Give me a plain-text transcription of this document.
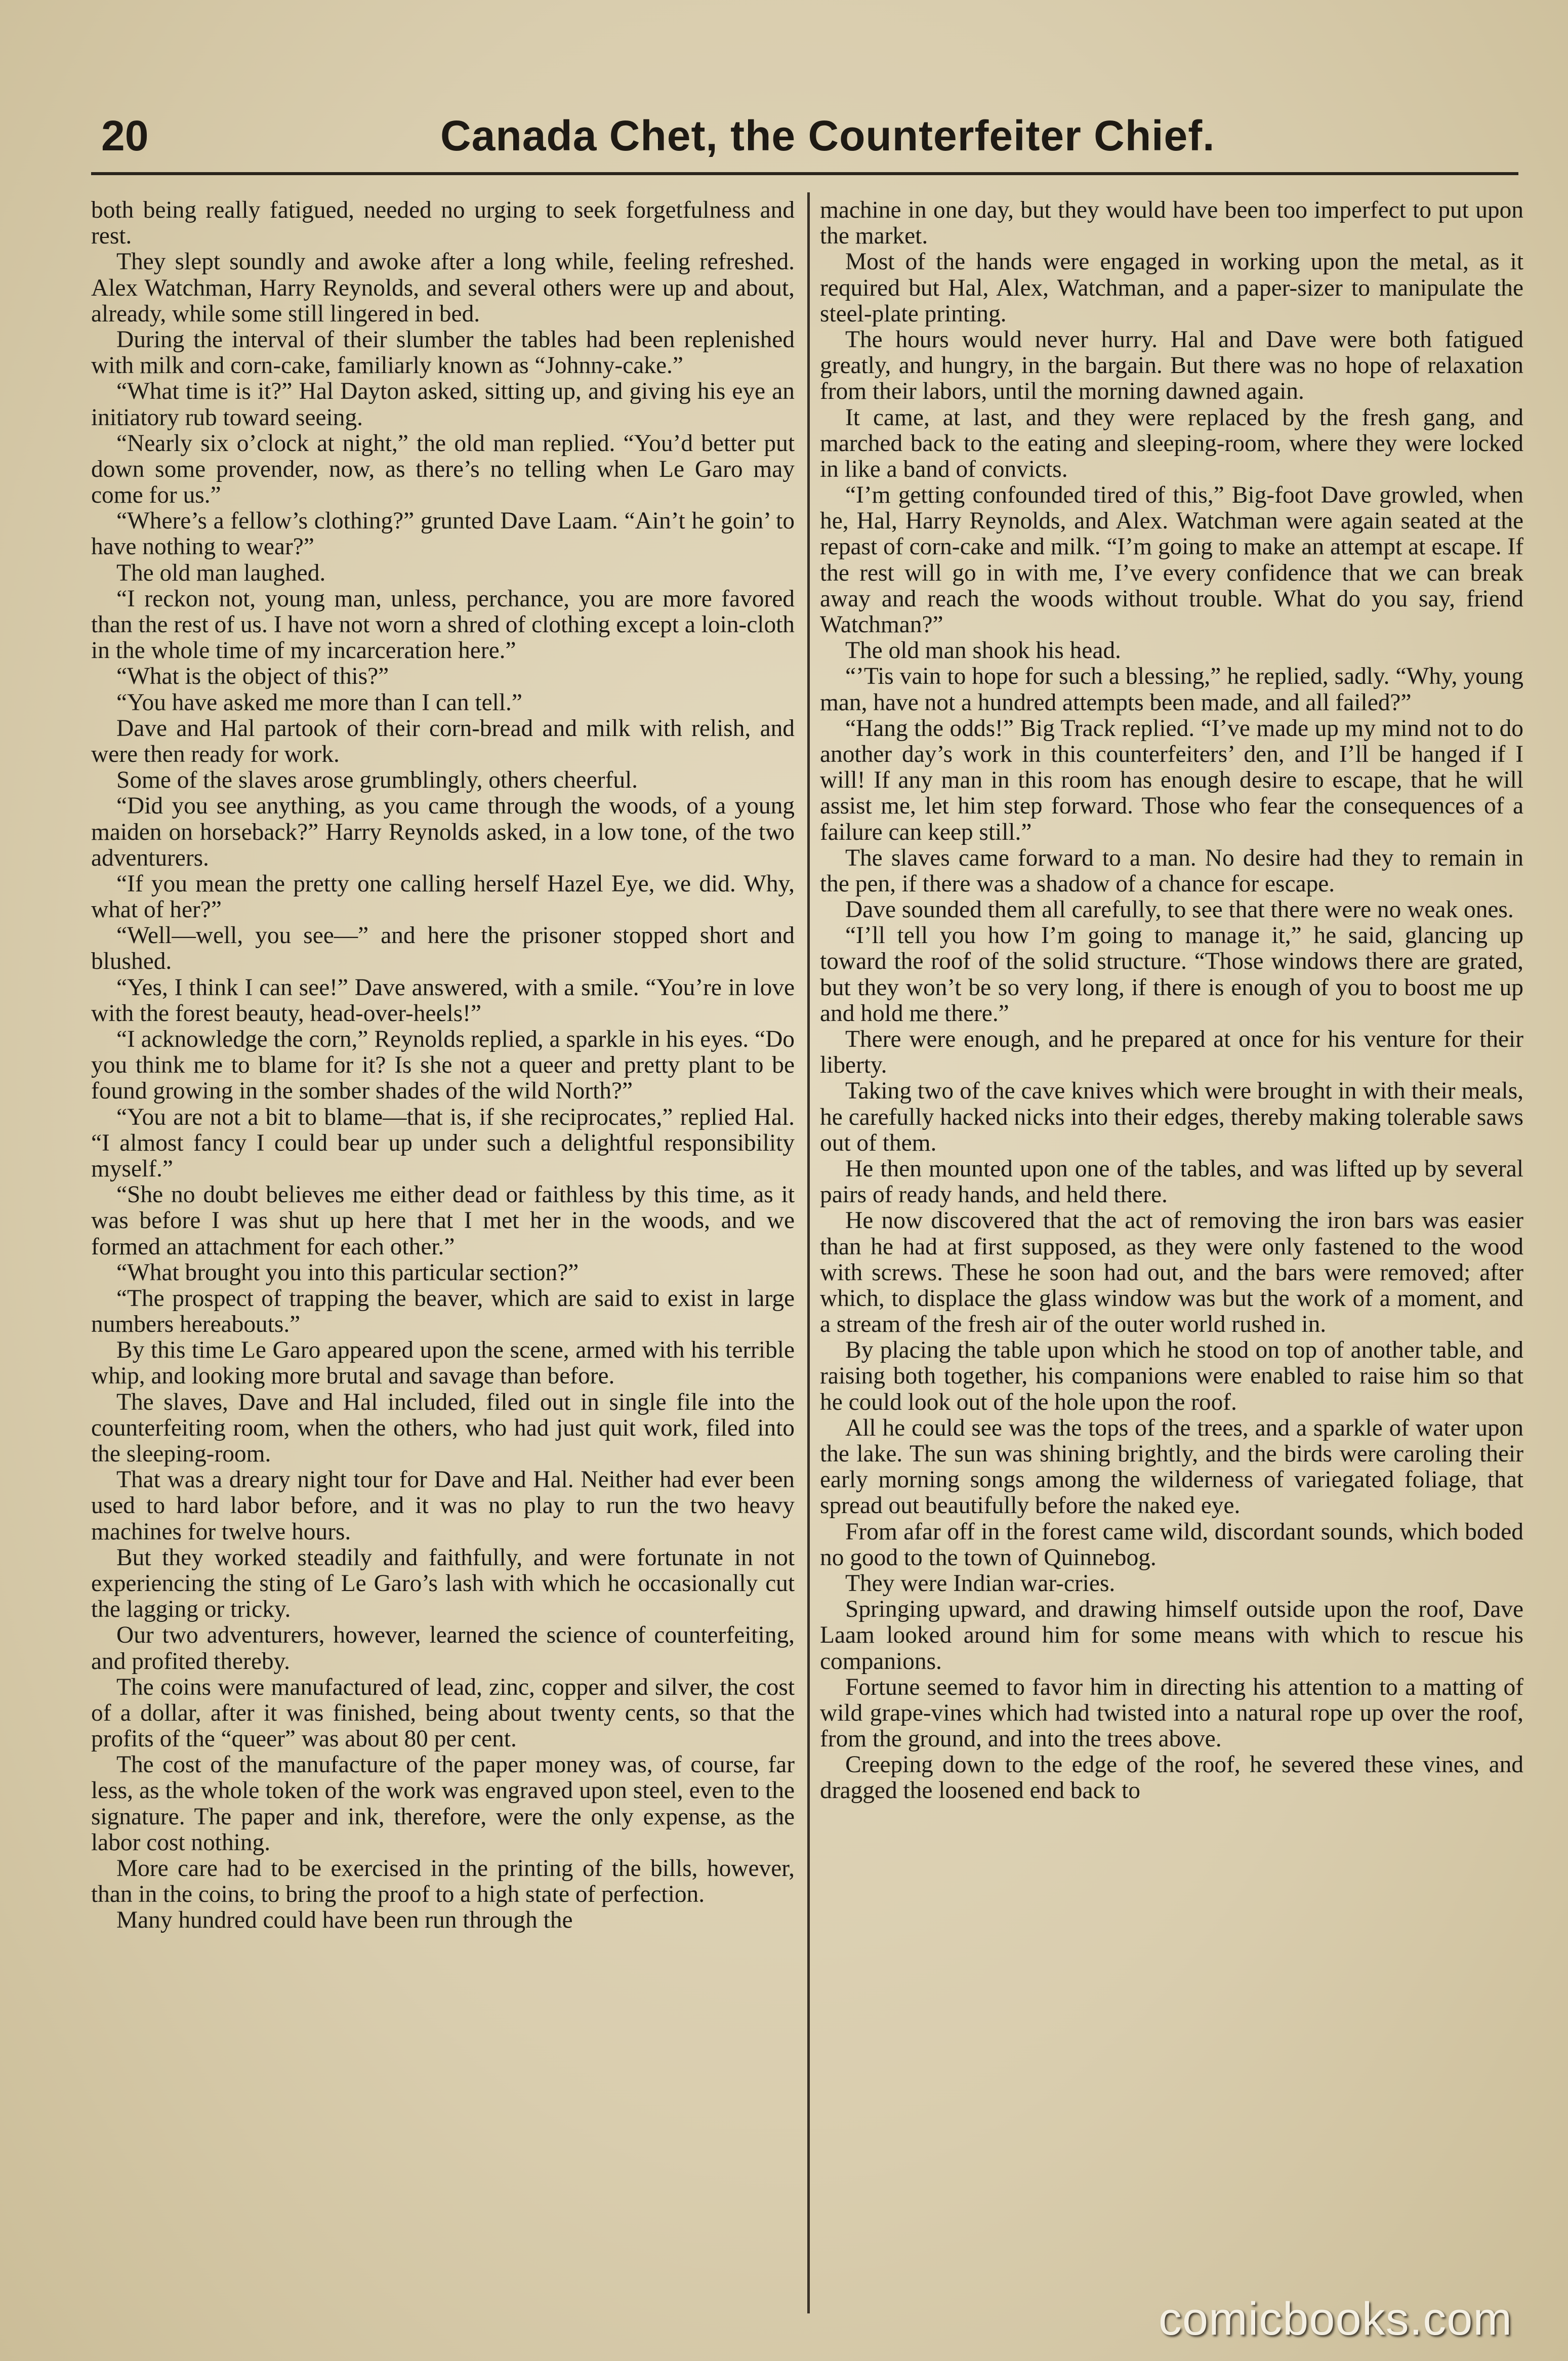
20	Canada Chet, the Counterfeiter Chief.

both being really fatigued, needed no urging to seek forgetfulness and rest.

They slept soundly and awoke after a long while, feeling refreshed. Alex Watchman, Harry Reynolds, and several others were up and about, already, while some still lingered in bed.

During the interval of their slumber the tables had been replenished with milk and corn-cake, familiarly known as “Johnny-cake.”

“What time is it?” Hal Dayton asked, sitting up, and giving his eye an initiatory rub toward seeing.

“Nearly six o’clock at night,” the old man replied. “You’d better put down some provender, now, as there’s no telling when Le Garo may come for us.”

“Where’s a fellow’s clothing?” grunted Dave Laam. “Ain’t he goin’ to have nothing to wear?”

The old man laughed.

“I reckon not, young man, unless, perchance, you are more favored than the rest of us. I have not worn a shred of clothing except a loin-cloth in the whole time of my incarceration here.”

“What is the object of this?”

“You have asked me more than I can tell.”

Dave and Hal partook of their corn-bread and milk with relish, and were then ready for work.

Some of the slaves arose grumblingly, others cheerful.

“Did you see anything, as you came through the woods, of a young maiden on horseback?” Harry Reynolds asked, in a low tone, of the two adventurers.

“If you mean the pretty one calling herself Hazel Eye, we did. Why, what of her?”

“Well—well, you see—” and here the prisoner stopped short and blushed.

“Yes, I think I can see!” Dave answered, with a smile. “You’re in love with the forest beauty, head-over-heels!”

“I acknowledge the corn,” Reynolds replied, a sparkle in his eyes. “Do you think me to blame for it? Is she not a queer and pretty plant to be found growing in the somber shades of the wild North?”

“You are not a bit to blame—that is, if she reciprocates,” replied Hal. “I almost fancy I could bear up under such a delightful responsibility myself.”

“She no doubt believes me either dead or faithless by this time, as it was before I was shut up here that I met her in the woods, and we formed an attachment for each other.”

“What brought you into this particular section?”

“The prospect of trapping the beaver, which are said to exist in large numbers hereabouts.”

By this time Le Garo appeared upon the scene, armed with his terrible whip, and looking more brutal and savage than before.

The slaves, Dave and Hal included, filed out in single file into the counterfeiting room, when the others, who had just quit work, filed into the sleeping-room.

That was a dreary night tour for Dave and Hal. Neither had ever been used to hard labor before, and it was no play to run the two heavy machines for twelve hours.

But they worked steadily and faithfully, and were fortunate in not experiencing the sting of Le Garo’s lash with which he occasionally cut the lagging or tricky.

Our two adventurers, however, learned the science of counterfeiting, and profited thereby.

The coins were manufactured of lead, zinc, copper and silver, the cost of a dollar, after it was finished, being about twenty cents, so that the profits of the “queer” was about 80 per cent.

The cost of the manufacture of the paper money was, of course, far less, as the whole token of the work was engraved upon steel, even to the signature. The paper and ink, therefore, were the only expense, as the labor cost nothing.

More care had to be exercised in the printing of the bills, however, than in the coins, to bring the proof to a high state of perfection.

Many hundred could have been run through the

machine in one day, but they would have been too imperfect to put upon the market.

Most of the hands were engaged in working upon the metal, as it required but Hal, Alex, Watchman, and a paper-sizer to manipulate the steel-plate printing.

The hours would never hurry. Hal and Dave were both fatigued greatly, and hungry, in the bargain. But there was no hope of relaxation from their labors, until the morning dawned again.

It came, at last, and they were replaced by the fresh gang, and marched back to the eating and sleeping-room, where they were locked in like a band of convicts.

“I’m getting confounded tired of this,” Big-foot Dave growled, when he, Hal, Harry Reynolds, and Alex. Watchman were again seated at the repast of corn-cake and milk. “I’m going to make an attempt at escape. If the rest will go in with me, I’ve every confidence that we can break away and reach the woods without trouble. What do you say, friend Watchman?”

The old man shook his head.

“’Tis vain to hope for such a blessing,” he replied, sadly. “Why, young man, have not a hundred attempts been made, and all failed?”

“Hang the odds!” Big Track replied. “I’ve made up my mind not to do another day’s work in this counterfeiters’ den, and I’ll be hanged if I will! If any man in this room has enough desire to escape, that he will assist me, let him step forward. Those who fear the consequences of a failure can keep still.”

The slaves came forward to a man. No desire had they to remain in the pen, if there was a shadow of a chance for escape.

Dave sounded them all carefully, to see that there were no weak ones.

“I’ll tell you how I’m going to manage it,” he said, glancing up toward the roof of the solid structure. “Those windows there are grated, but they won’t be so very long, if there is enough of you to boost me up and hold me there.”

There were enough, and he prepared at once for his venture for their liberty.

Taking two of the cave knives which were brought in with their meals, he carefully hacked nicks into their edges, thereby making tolerable saws out of them.

He then mounted upon one of the tables, and was lifted up by several pairs of ready hands, and held there.

He now discovered that the act of removing the iron bars was easier than he had at first supposed, as they were only fastened to the wood with screws. These he soon had out, and the bars were removed; after which, to displace the glass window was but the work of a moment, and a stream of the fresh air of the outer world rushed in.

By placing the table upon which he stood on top of another table, and raising both together, his companions were enabled to raise him so that he could look out of the hole upon the roof.

All he could see was the tops of the trees, and a sparkle of water upon the lake. The sun was shining brightly, and the birds were caroling their early morning songs among the wilderness of variegated foliage, that spread out beautifully before the naked eye.

From afar off in the forest came wild, discordant sounds, which boded no good to the town of Quinnebog.

They were Indian war-cries.

Springing upward, and drawing himself outside upon the roof, Dave Laam looked around him for some means with which to rescue his companions.

Fortune seemed to favor him in directing his attention to a matting of wild grape-vines which had twisted into a natural rope up over the roof, from the ground, and into the trees above.

Creeping down to the edge of the roof, he severed these vines, and dragged the loosened end back to

comicbooks.com
